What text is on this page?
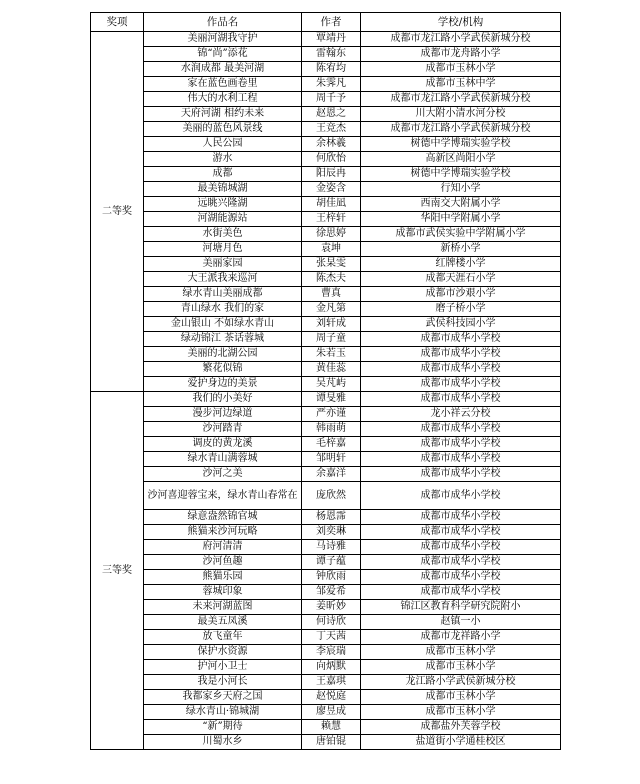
奖项	作品名	作者	学校/机构
二等奖	美丽河湖我守护	覃靖丹	成都市龙江路小学武侯新城分校
	锦“尚”添花	雷翰东	成都市龙舟路小学
	水润成都 最美河湖	陈宥均	成都市玉林小学
	家在蓝色画卷里	朱霁凡	成都市玉林中学
	伟大的水利工程	周千予	成都市龙江路小学武侯新城分校
	天府河湖 相约未来	赵恩之	川大附小清水河分校
	美丽的蓝色风景线	王竞杰	成都市龙江路小学武侯新城分校
	人民公园	余林羲	树德中学博瑞实验学校
	游水	何欣怡	高新区尚阳小学
	成都	阳辰冉	树德中学博瑞实验学校
	最美锦城湖	金姿含	行知小学
	远眺兴隆湖	胡佳凪	西南交大附属小学
	河湖能源站	王梓轩	华阳中学附属小学
	水街美色	徐思婷	成都市武侯实验中学附属小学
	河塘月色	袁坤	新桥小学
	美丽家园	张杲雯	红牌楼小学
	大王派我来巡河	陈杰夫	成都天涯石小学
	绿水青山美丽成都	曹真	成都市沙艰小学
	青山绿水 我们的家	金凡第	磨子桥小学
	金山银山 不如绿水青山	刘轩成	武侯科技园小学
	绿动锦江 茶话蓉城	周子童	成都市成华小学校
	美丽的北湖公园	朱若玉	成都市成华小学校
	繁花似锦	黄佳蕊	成都市成华小学校
	爱护身边的美景	吴芃屿	成都市成华小学校
三等奖	我们的小美好	谭旻雅	成都市成华小学校
	漫步河边绿道	严亦谨	龙小祥云分校
	沙河踏青	韩雨萌	成都市成华小学校
	调皮的黄龙溪	毛梓嘉	成都市成华小学校
	绿水青山满蓉城	邹明轩	成都市成华小学校
	沙河之美	余嘉洋	成都市成华小学校
	沙河喜迎蓉宝来，绿水青山春常在	庞欣然	成都市成华小学校
	绿意盎然锦官城	杨恩霈	成都市成华小学校
	熊猫来沙河玩略	刘奕琳	成都市成华小学校
	府河清清	马诗雅	成都市成华小学校
	沙河鱼趣	谭子蕴	成都市成华小学校
	熊猫乐园	钟欣雨	成都市成华小学校
	蓉城印象	邹爱希	成都市成华小学校
	未来河湖蓝图	姜昕妙	锦江区教育科学研究院附小
	最美五凤溪	何诗欣	赵镇一小
	放飞童年	丁天茜	成都市龙祥路小学
	保护水资源	李宸瑞	成都市玉林小学
	护河小卫士	向炳默	成都市玉林小学
	我是小河长	王嘉琪	龙江路小学武侯新城分校
	我都家乡天府之国	赵悦庭	成都市玉林小学
	绿水青山·锦城湖	廖昱成	成都市玉林小学
	“新”期待	赖慧	成都盐外芙蓉学校
	川蜀水乡	唐铂锟	盐道街小学通桂校区
